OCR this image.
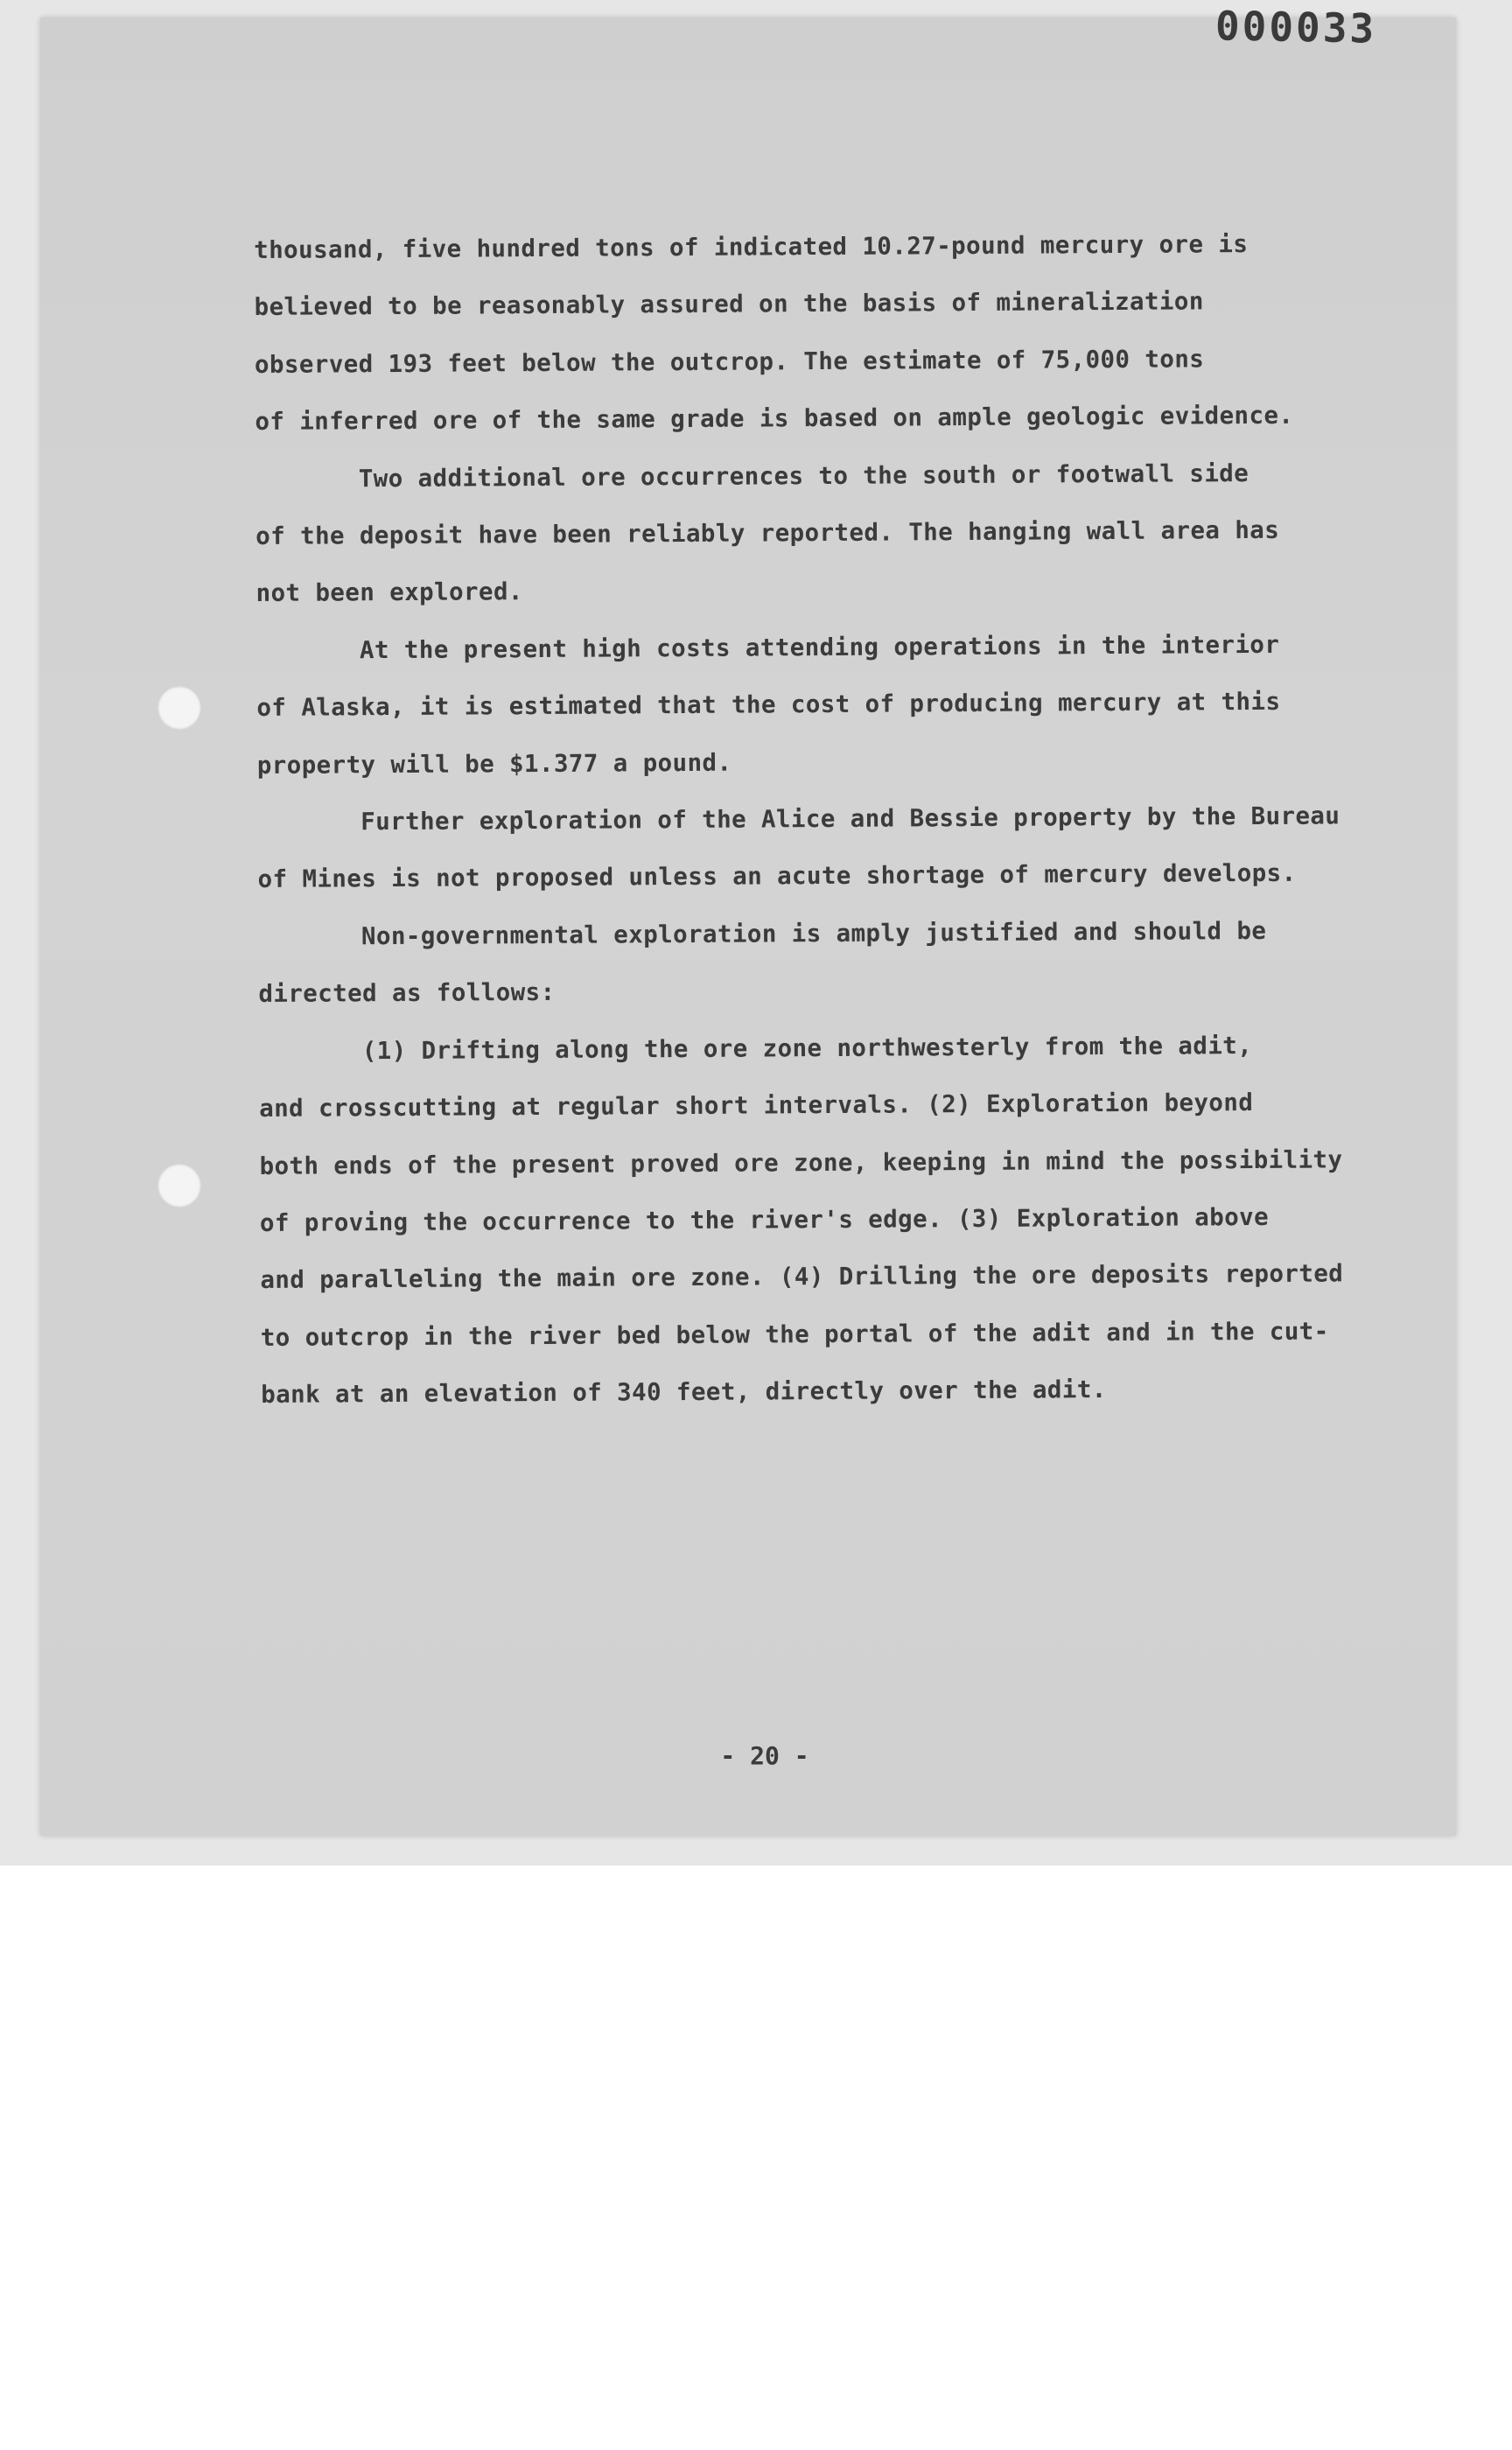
000033
thousand, five hundred tons of indicated 10.27-pound mercury ore is
believed to be reasonably assured on the basis of mineralization
observed 193 feet below the outcrop. The estimate of 75,000 tons
of inferred ore of the same grade is based on ample geologic evidence.
Two additional ore occurrences to the south or footwall side
of the deposit have been reliably reported. The hanging wall area has
not been explored.
At the present high costs attending operations in the interior
of Alaska, it is estimated that the cost of producing mercury at this
property will be $1.377 a pound.
Further exploration of the Alice and Bessie property by the Bureau
of Mines is not proposed unless an acute shortage of mercury develops.
Non-governmental exploration is amply justified and should be
directed as follows:
(1) Drifting along the ore zone northwesterly from the adit,
and crosscutting at regular short intervals. (2) Exploration beyond
both ends of the present proved ore zone, keeping in mind the possibility
of proving the occurrence to the river's edge. (3) Exploration above
and paralleling the main ore zone. (4) Drilling the ore deposits reported
to outcrop in the river bed below the portal of the adit and in the cut-
bank at an elevation of 340 feet, directly over the adit.
- 20 -
